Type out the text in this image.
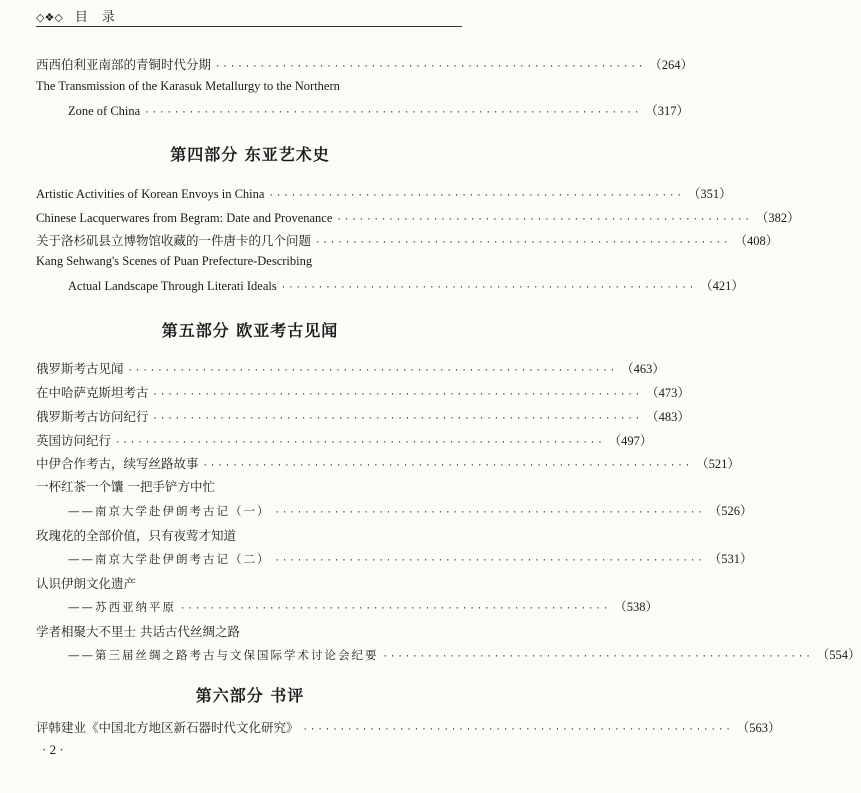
◇❖◇ 目录
西西伯利亚南部的青铜时代分期 ·························································· （264）
The Transmission of the Karasuk Metallurgy to the Northern
Zone of China ··································································· （317）
第四部分 东亚艺术史
Artistic Activities of Korean Envoys in China ························································ （351）
Chinese Lacquerwares from Begram: Date and Provenance ························································ （382）
关于洛杉矶县立博物馆收藏的一件唐卡的几个问题 ························································ （408）
Kang Sehwang's Scenes of Puan Prefecture-Describing
Actual Landscape Through Literati Ideals ························································ （421）
第五部分 欧亚考古见闻
俄罗斯考古见闻 ·································································· （463）
在中哈萨克斯坦考古 ·································································· （473）
俄罗斯考古访问纪行 ·································································· （483）
英国访问纪行 ·································································· （497）
中伊合作考古，续写丝路故事 ·································································· （521）
一杯红茶一个馕 一把手铲方中忙
——南京大学赴伊朗考古记（一） ·························································· （526）
玫瑰花的全部价值，只有夜莺才知道
——南京大学赴伊朗考古记（二） ·························································· （531）
认识伊朗文化遗产
——苏西亚纳平原 ·························································· （538）
学者相聚大不里士 共话古代丝绸之路
——第三届丝绸之路考古与文保国际学术讨论会纪要 ·························································· （554）
第六部分 书评
评韩建业《中国北方地区新石器时代文化研究》 ·························································· （563）
· 2 ·
